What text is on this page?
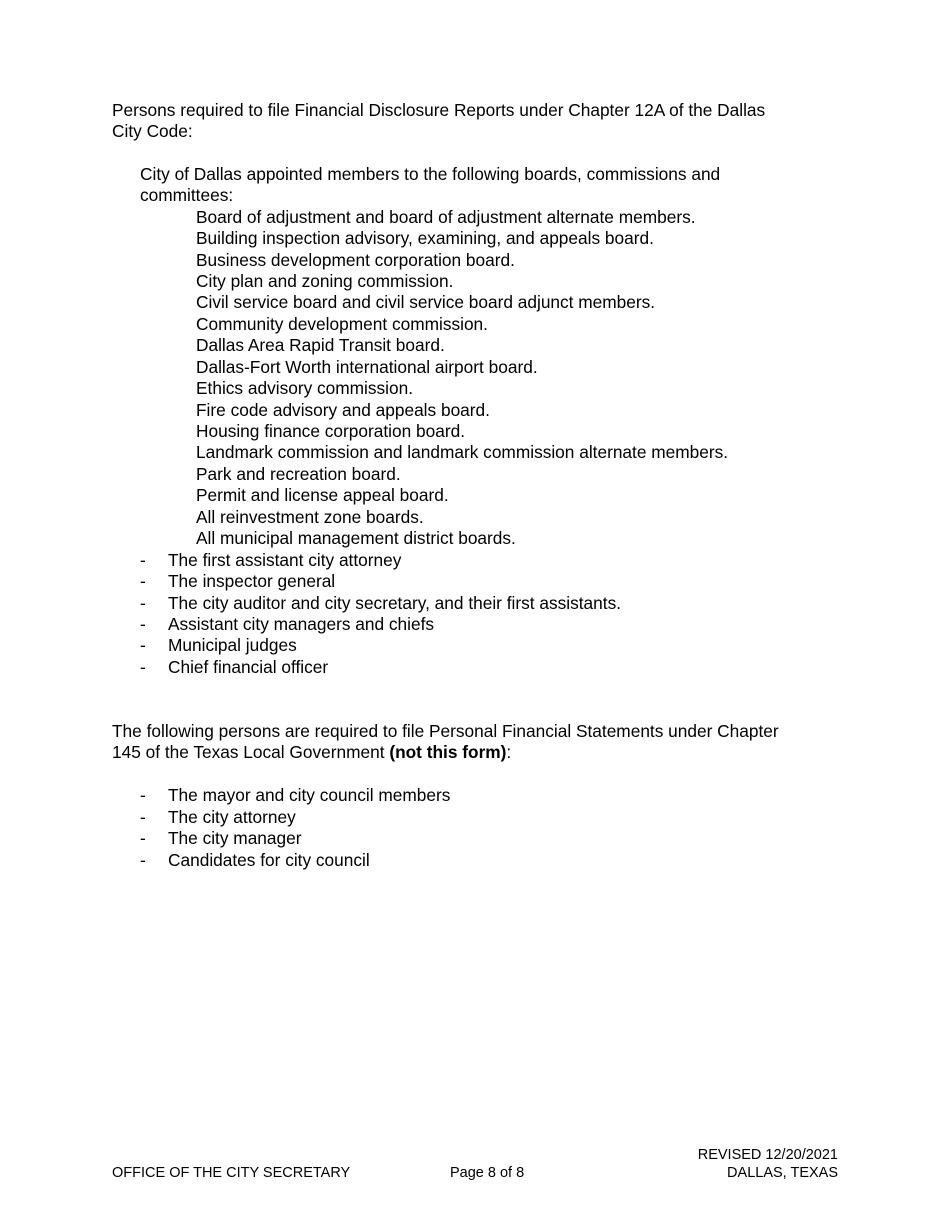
Persons required to file Financial Disclosure Reports under Chapter 12A of the Dallas
City Code:
City of Dallas appointed members to the following boards, commissions and
committees:
Board of adjustment and board of adjustment alternate members.
Building inspection advisory, examining, and appeals board.
Business development corporation board.
City plan and zoning commission.
Civil service board and civil service board adjunct members.
Community development commission.
Dallas Area Rapid Transit board.
Dallas-Fort Worth international airport board.
Ethics advisory commission.
Fire code advisory and appeals board.
Housing finance corporation board.
Landmark commission and landmark commission alternate members.
Park and recreation board.
Permit and license appeal board.
All reinvestment zone boards.
All municipal management district boards.
- The first assistant city attorney
- The inspector general
- The city auditor and city secretary, and their first assistants.
- Assistant city managers and chiefs
- Municipal judges
- Chief financial officer
The following persons are required to file Personal Financial Statements under Chapter
145 of the Texas Local Government (not this form):
- The mayor and city council members
- The city attorney
- The city manager
- Candidates for city council
OFFICE OF THE CITY SECRETARY	Page 8 of 8
REVISED 12/20/2021
DALLAS, TEXAS
